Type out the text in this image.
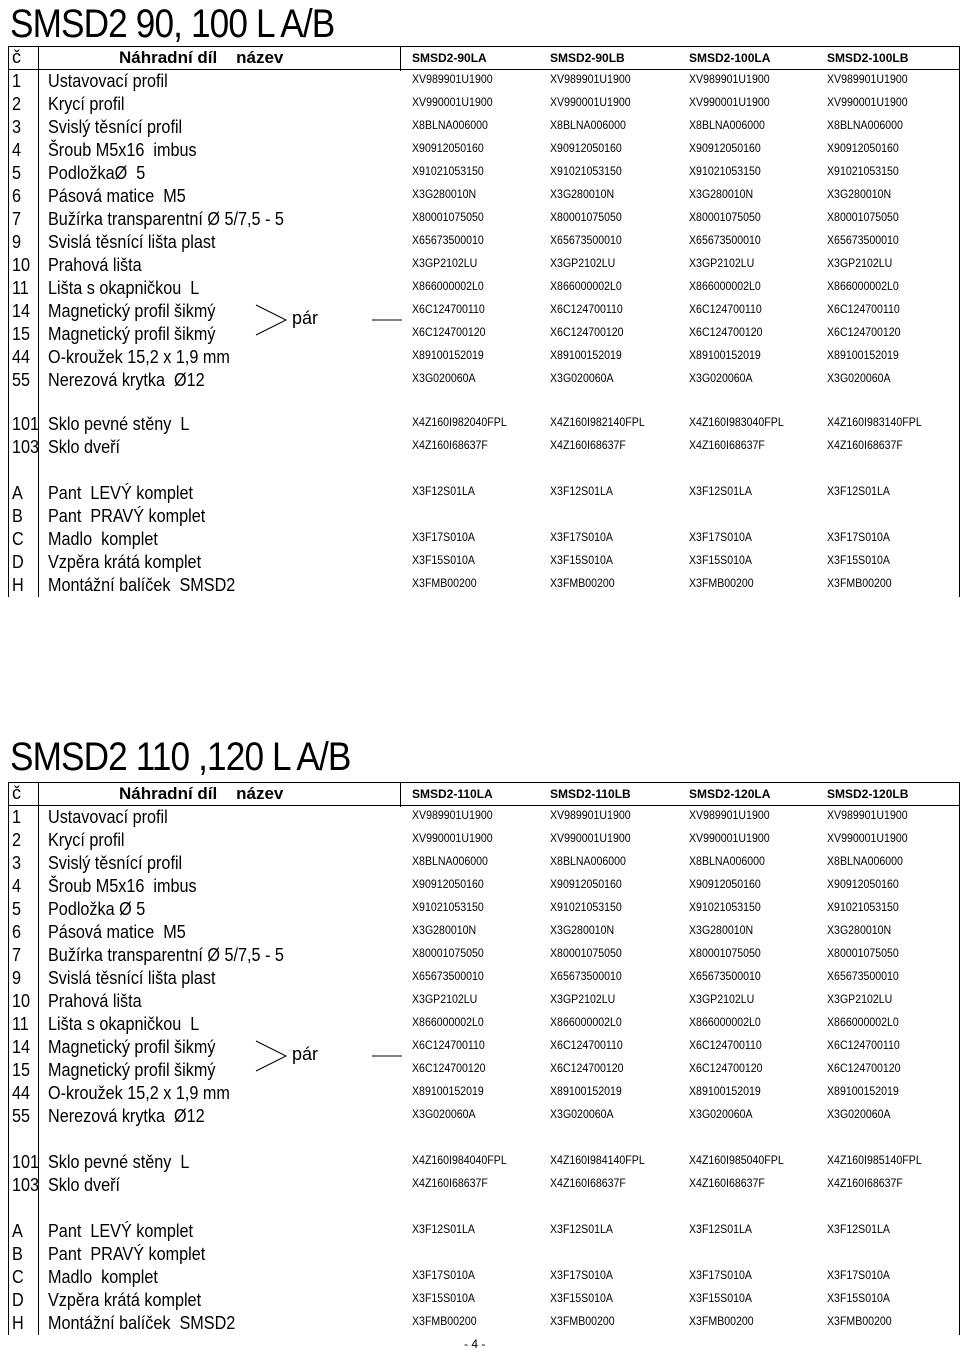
SMSD2 90, 100 L A/B
č	Náhradní díl    název	SMSD2-90LA	SMSD2-90LB	SMSD2-100LA	SMSD2-100LB
1 Ustavovací profil	XV989901U1900	XV989901U1900	XV989901U1900	XV989901U1900
2 Krycí profil	XV990001U1900	XV990001U1900	XV990001U1900	XV990001U1900
3 Svislý těsnící profil	X8BLNA006000	X8BLNA006000	X8BLNA006000	X8BLNA006000
4 Šroub M5x16  imbus	X90912050160	X90912050160	X90912050160	X90912050160
5 PodložkaØ  5	X91021053150	X91021053150	X91021053150	X91021053150
6 Pásová matice  M5	X3G280010N	X3G280010N	X3G280010N	X3G280010N
7 Bužírka transparentní Ø 5/7,5 - 5	X80001075050	X80001075050	X80001075050	X80001075050
9 Svislá těsnící lišta plast	X65673500010	X65673500010	X65673500010	X65673500010
10 Prahová lišta	X3GP2102LU	X3GP2102LU	X3GP2102LU	X3GP2102LU
11 Lišta s okapničkou  L	X866000002L0	X866000002L0	X866000002L0	X866000002L0
14 Magnetický profil šikmý	X6C124700110	X6C124700110	X6C124700110	X6C124700110
15 Magnetický profil šikmý	X6C124700120	X6C124700120	X6C124700120	X6C124700120
44 O-kroužek 15,2 x 1,9 mm	X89100152019	X89100152019	X89100152019	X89100152019
55 Nerezová krytka  Ø12	X3G020060A	X3G020060A	X3G020060A	X3G020060A
101 Sklo pevné stěny  L	X4Z160I982040FPL	X4Z160I982140FPL	X4Z160I983040FPL	X4Z160I983140FPL
103 Sklo dveří	X4Z160I68637F	X4Z160I68637F	X4Z160I68637F	X4Z160I68637F
A Pant  LEVÝ komplet	X3F12S01LA	X3F12S01LA	X3F12S01LA	X3F12S01LA
B Pant  PRAVÝ komplet
C Madlo  komplet	X3F17S010A	X3F17S010A	X3F17S010A	X3F17S010A
D Vzpěra krátá komplet	X3F15S010A	X3F15S010A	X3F15S010A	X3F15S010A
H Montážní balíček  SMSD2	X3FMB00200	X3FMB00200	X3FMB00200	X3FMB00200
pár
SMSD2 110 ,120 L A/B
č	Náhradní díl    název	SMSD2-110LA	SMSD2-110LB	SMSD2-120LA	SMSD2-120LB
1 Ustavovací profil	XV989901U1900	XV989901U1900	XV989901U1900	XV989901U1900
2 Krycí profil	XV990001U1900	XV990001U1900	XV990001U1900	XV990001U1900
3 Svislý těsnící profil	X8BLNA006000	X8BLNA006000	X8BLNA006000	X8BLNA006000
4 Šroub M5x16  imbus	X90912050160	X90912050160	X90912050160	X90912050160
5 Podložka Ø 5	X91021053150	X91021053150	X91021053150	X91021053150
6 Pásová matice  M5	X3G280010N	X3G280010N	X3G280010N	X3G280010N
7 Bužírka transparentní Ø 5/7,5 - 5	X80001075050	X80001075050	X80001075050	X80001075050
9 Svislá těsnící lišta plast	X65673500010	X65673500010	X65673500010	X65673500010
10 Prahová lišta	X3GP2102LU	X3GP2102LU	X3GP2102LU	X3GP2102LU
11 Lišta s okapničkou  L	X866000002L0	X866000002L0	X866000002L0	X866000002L0
14 Magnetický profil šikmý	X6C124700110	X6C124700110	X6C124700110	X6C124700110
15 Magnetický profil šikmý	X6C124700120	X6C124700120	X6C124700120	X6C124700120
44 O-kroužek 15,2 x 1,9 mm	X89100152019	X89100152019	X89100152019	X89100152019
55 Nerezová krytka  Ø12	X3G020060A	X3G020060A	X3G020060A	X3G020060A
101 Sklo pevné stěny  L	X4Z160I984040FPL	X4Z160I984140FPL	X4Z160I985040FPL	X4Z160I985140FPL
103 Sklo dveří	X4Z160I68637F	X4Z160I68637F	X4Z160I68637F	X4Z160I68637F
A Pant  LEVÝ komplet	X3F12S01LA	X3F12S01LA	X3F12S01LA	X3F12S01LA
B Pant  PRAVÝ komplet
C Madlo  komplet	X3F17S010A	X3F17S010A	X3F17S010A	X3F17S010A
D Vzpěra krátá komplet	X3F15S010A	X3F15S010A	X3F15S010A	X3F15S010A
H Montážní balíček  SMSD2	X3FMB00200	X3FMB00200	X3FMB00200	X3FMB00200
pár
- 4 -
